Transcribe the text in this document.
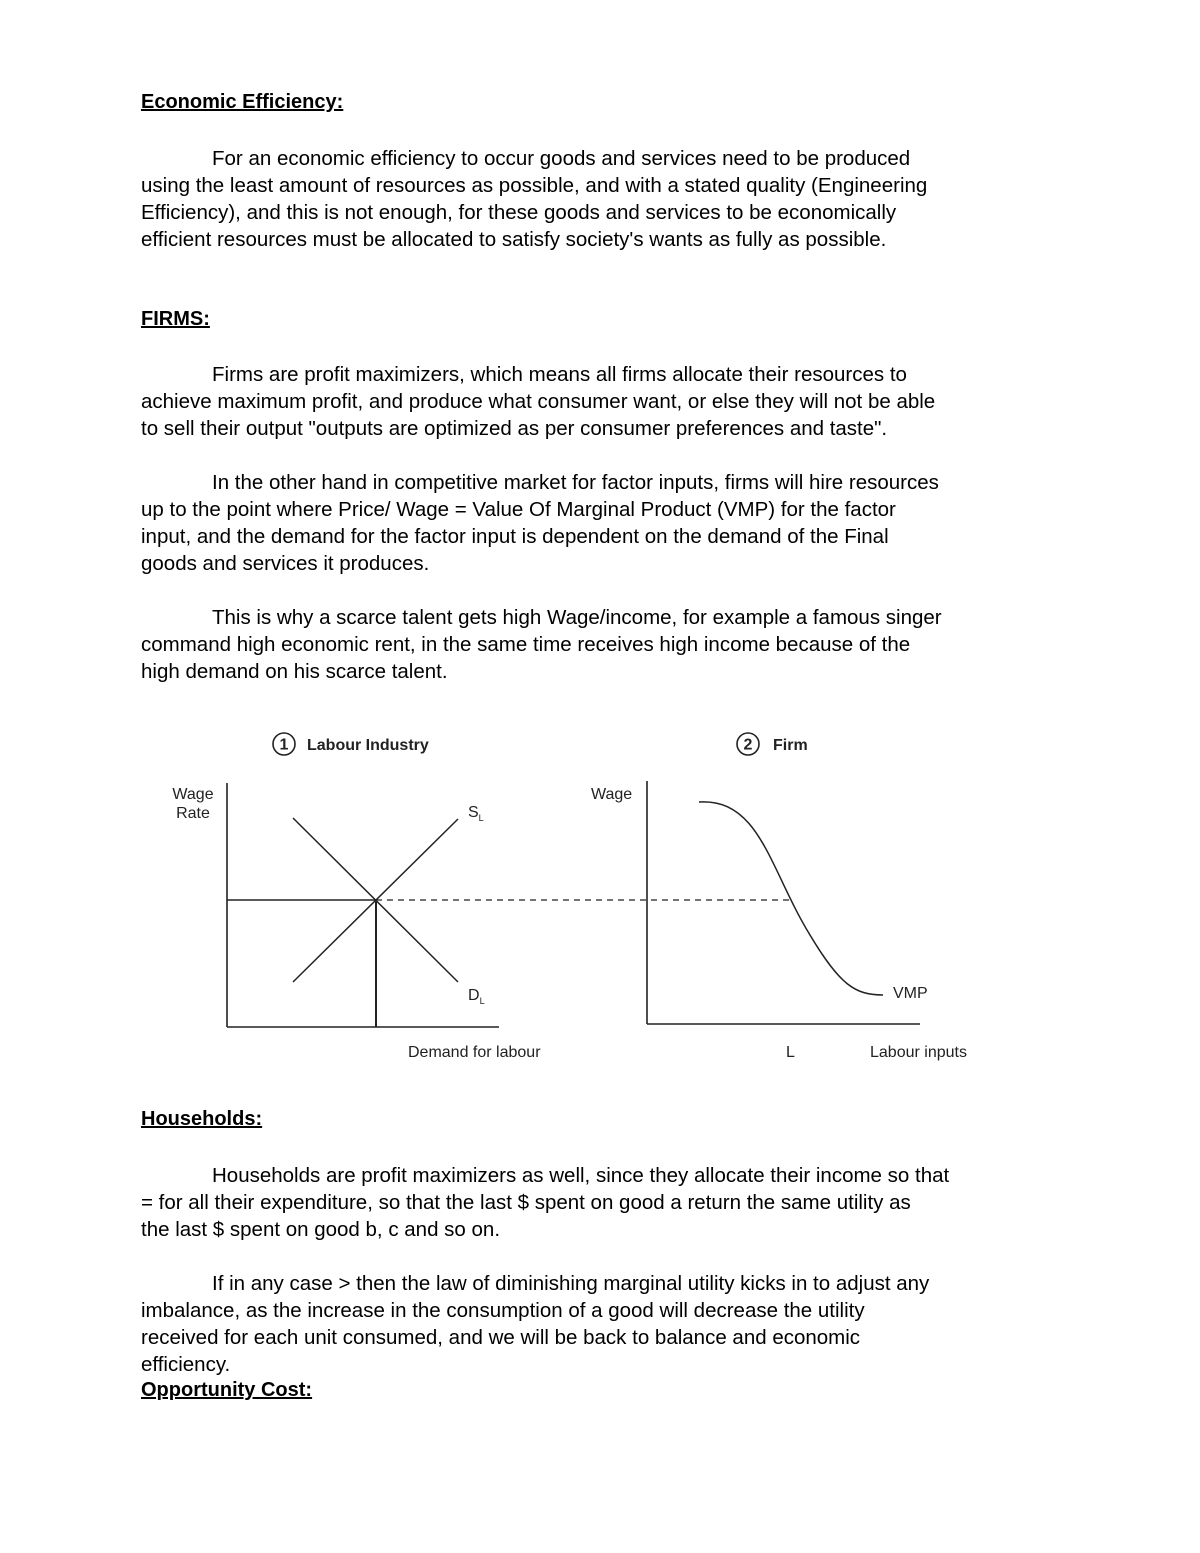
Economic Efficiency:

For an economic efficiency to occur goods and services need to be produced
using the least amount of resources as possible, and with a stated quality (Engineering
Efficiency), and this is not enough, for these goods and services to be economically
efficient resources must be allocated to satisfy society's wants as fully as possible.

FIRMS:

Firms are profit maximizers, which means all firms allocate their resources to
achieve maximum profit, and produce what consumer want, or else they will not be able
to sell their output "outputs are optimized as per consumer preferences and taste".

In the other hand in competitive market for factor inputs, firms will hire resources
up to the point where Price/ Wage = Value Of Marginal Product (VMP) for the factor
input, and the demand for the factor input is dependent on the demand of the Final
goods and services it produces.

This is why a scarce talent gets high Wage/income, for example a famous singer
command high economic rent, in the same time receives high income because of the
high demand on his scarce talent.

1 Labour Industry
Wage
Rate	$S_L$
$D_L$
Demand for labour
2 Firm
Wage
VMP
L	Labour inputs
Households:

Households are profit maximizers as well, since they allocate their income so that
= for all their expenditure, so that the last $ spent on good a return the same utility as
the last $ spent on good b, c and so on.

If in any case > then the law of diminishing marginal utility kicks in to adjust any
imbalance, as the increase in the consumption of a good will decrease the utility
received for each unit consumed, and we will be back to balance and economic
efficiency.

Opportunity Cost:
